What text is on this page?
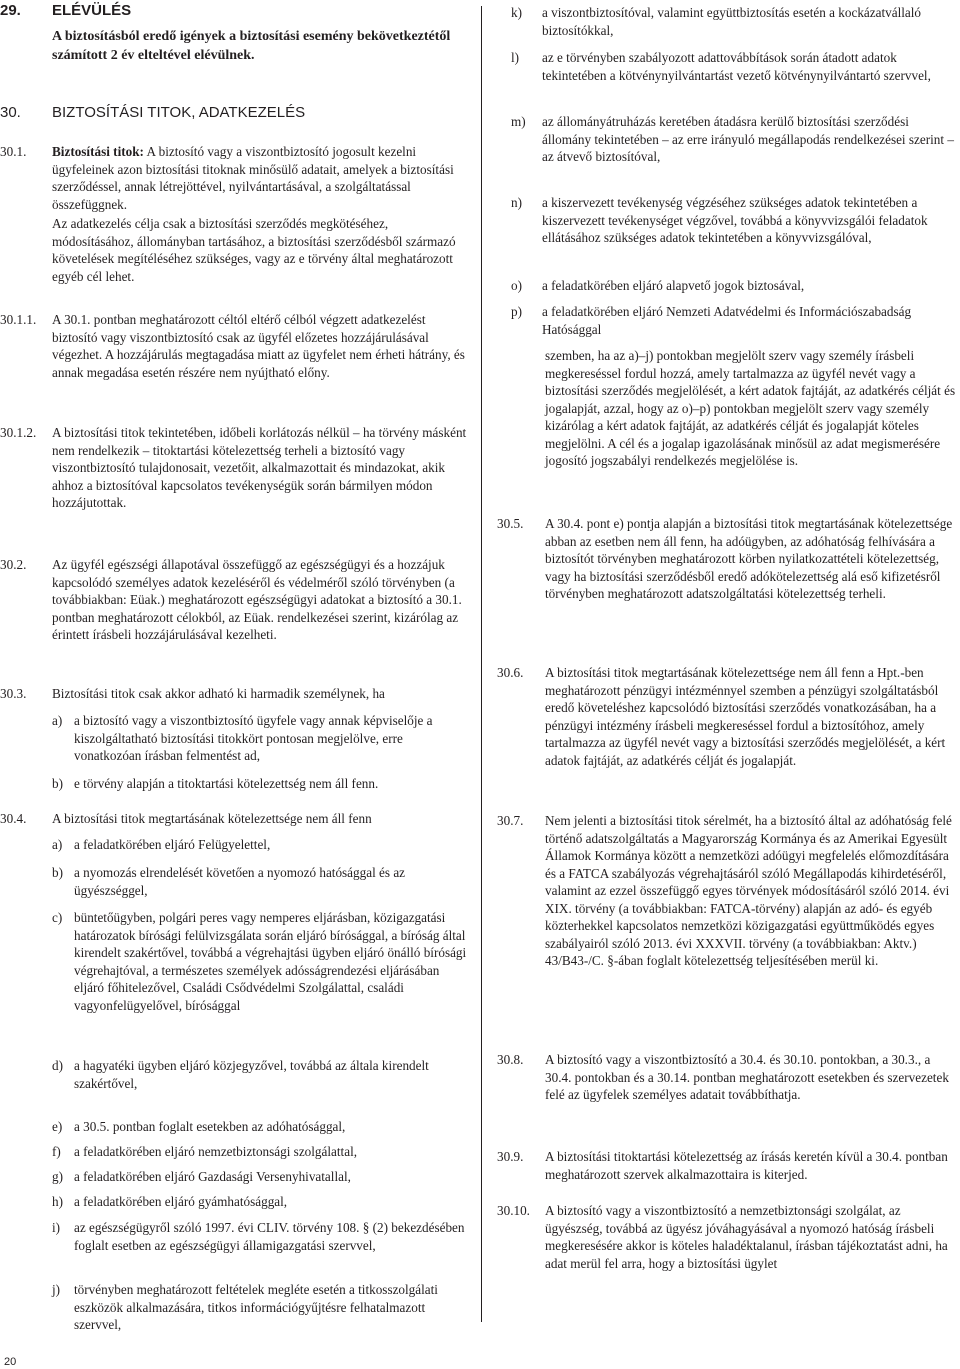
29. ELÉVÜLÉS
A biztosításból eredő igények a biztosítási esemény bekövetkeztétől számított 2 év elteltével elévülnek.
30. BIZTOSÍTÁSI TITOK, ADATKEZELÉS
30.1. Biztosítási titok: A biztosító vagy a viszontbiztosító jogosult kezelni ügyfeleinek azon biztosítási titoknak minősülő adatait, amelyek a biztosítási szerződéssel, annak létrejöttével, nyilvántartásával, a szolgáltatással összefüggnek.
Az adatkezelés célja csak a biztosítási szerződés megkötéséhez, módosításához, állományban tartásához, a biztosítási szerződésből származó követelések megítéléséhez szükséges, vagy az e törvény által meghatározott egyéb cél lehet.
30.1.1. A 30.1. pontban meghatározott céltól eltérő célból végzett adatkezelést biztosító vagy viszontbiztosító csak az ügyfél előzetes hozzájárulásával végezhet. A hozzájárulás megtagadása miatt az ügyfelet nem érheti hátrány, és annak megadása esetén részére nem nyújtható előny.
30.1.2. A biztosítási titok tekintetében, időbeli korlátozás nélkül – ha törvény másként nem rendelkezik – titoktartási kötelezettség terheli a biztosító vagy viszontbiztosító tulajdonosait, vezetőit, alkalmazottait és mindazokat, akik ahhoz a biztosítóval kapcsolatos tevékenységük során bármilyen módon hozzájutottak.
30.2. Az ügyfél egészségi állapotával összefüggő az egészségügyi és a hozzájuk kapcsolódó személyes adatok kezeléséről és védelméről szóló törvényben (a továbbiakban: Eüak.) meghatározott egészségügyi adatokat a biztosító a 30.1. pontban meghatározott célokból, az Eüak. rendelkezései szerint, kizárólag az érintett írásbeli hozzájárulásával kezelheti.
30.3. Biztosítási titok csak akkor adható ki harmadik személynek, ha
a) a biztosító vagy a viszontbiztosító ügyfele vagy annak képviselője a kiszolgáltatható biztosítási titokkört pontosan megjelölve, erre vonatkozóan írásban felmentést ad,
b) e törvény alapján a titoktartási kötelezettség nem áll fenn.
30.4. A biztosítási titok megtartásának kötelezettsége nem áll fenn
a) a feladatkörében eljáró Felügyelettel,
b) a nyomozás elrendelését követően a nyomozó hatósággal és az ügyészséggel,
c) büntetőügyben, polgári peres vagy nemperes eljárásban, közigazgatási határozatok bírósági felülvizsgálata során eljáró bírósággal, a bíróság által kirendelt szakértővel, továbbá a végrehajtási ügyben eljáró önálló bírósági végrehajtóval, a természetes személyek adósságrendezési eljárásában eljáró főhitelezővel, Családi Csődvédelmi Szolgálattal, családi vagyonfelügyelővel, bírósággal
d) a hagyatéki ügyben eljáró közjegyzővel, továbbá az általa kirendelt szakértővel,
e) a 30.5. pontban foglalt esetekben az adóhatósággal,
f) a feladatkörében eljáró nemzetbiztonsági szolgálattal,
g) a feladatkörében eljáró Gazdasági Versenyhivatallal,
h) a feladatkörében eljáró gyámhatósággal,
i) az egészségügyről szóló 1997. évi CLIV. törvény 108. § (2) bekezdésében foglalt esetben az egészségügyi államigazgatási szervvel,
j) törvényben meghatározott feltételek megléte esetén a titkosszolgálati eszközök alkalmazására, titkos információgyűjtésre felhatalmazott szervvel,
k) a viszontbiztosítóval, valamint együttbiztosítás esetén a kockázatvállaló biztosítókkal,
l) az e törvényben szabályozott adattovábbítások során átadott adatok tekintetében a kötvénynyilvántartást vezető kötvénynyilvántartó szervvel,
m) az állományátruházás keretében átadásra kerülő biztosítási szerződési állomány tekintetében – az erre irányuló megállapodás rendelkezései szerint – az átvevő biztosítóval,
n) a kiszervezett tevékenység végzéséhez szükséges adatok tekintetében a kiszervezett tevékenységet végzővel, továbbá a könyvvizsgálói feladatok ellátásához szükséges adatok tekintetében a könyvvizsgálóval,
o) a feladatkörében eljáró alapvető jogok biztosával,
p) a feladatkörében eljáró Nemzeti Adatvédelmi és Információszabadság Hatósággal
szemben, ha az a)–j) pontokban megjelölt szerv vagy személy írásbeli megkereséssel fordul hozzá, amely tartalmazza az ügyfél nevét vagy a biztosítási szerződés megjelölését, a kért adatok fajtáját, az adatkérés célját és jogalapját, azzal, hogy az o)–p) pontokban megjelölt szerv vagy személy kizárólag a kért adatok fajtáját, az adatkérés célját és jogalapját köteles megjelölni. A cél és a jogalap igazolásának minősül az adat megismerésére jogosító jogszabályi rendelkezés megjelölése is.
30.5. A 30.4. pont e) pontja alapján a biztosítási titok megtartásának kötelezettsége abban az esetben nem áll fenn, ha adóügyben, az adóhatóság felhívására a biztosítót törvényben meghatározott körben nyilatkozattételi kötelezettség, vagy ha biztosítási szerződésből eredő adókötelezettség alá eső kifizetésről törvényben meghatározott adatszolgáltatási kötelezettség terheli.
30.6. A biztosítási titok megtartásának kötelezettsége nem áll fenn a Hpt.-ben meghatározott pénzügyi intézménnyel szemben a pénzügyi szolgáltatásból eredő követeléshez kapcsolódó biztosítási szerződés vonatkozásában, ha a pénzügyi intézmény írásbeli megkereséssel fordul a biztosítóhoz, amely tartalmazza az ügyfél nevét vagy a biztosítási szerződés megjelölését, a kért adatok fajtáját, az adatkérés célját és jogalapját.
30.7. Nem jelenti a biztosítási titok sérelmét, ha a biztosító által az adóhatóság felé történő adatszolgáltatás a Magyarország Kormánya és az Amerikai Egyesült Államok Kormánya között a nemzetközi adóügyi megfelelés előmozdítására és a FATCA szabályozás végrehajtásáról szóló Megállapodás kihirdetéséről, valamint az ezzel összefüggő egyes törvények módosításáról szóló 2014. évi XIX. törvény (a továbbiakban: FATCA-törvény) alapján az adó- és egyéb közterhekkel kapcsolatos nemzetközi közigazgatási együttműködés egyes szabályairól szóló 2013. évi XXXVII. törvény (a továbbiakban: Aktv.) 43/B43-/C. §-ában foglalt kötelezettség teljesítésében merül ki.
30.8. A biztosító vagy a viszontbiztosító a 30.4. és 30.10. pontokban, a 30.3., a 30.4. pontokban és a 30.14. pontban meghatározott esetekben és szervezetek felé az ügyfelek személyes adatait továbbíthatja.
30.9. A biztosítási titoktartási kötelezettség az írásás keretén kívül a 30.4. pontban meghatározott szervek alkalmazottaira is kiterjed.
30.10. A biztosító vagy a viszontbiztosító a nemzetbiztonsági szolgálat, az ügyészség, továbbá az ügyész jóváhagyásával a nyomozó hatóság írásbeli megkeresésére akkor is köteles haladéktalanul, írásban tájékoztatást adni, ha adat merül fel arra, hogy a biztosítási ügylet
20
